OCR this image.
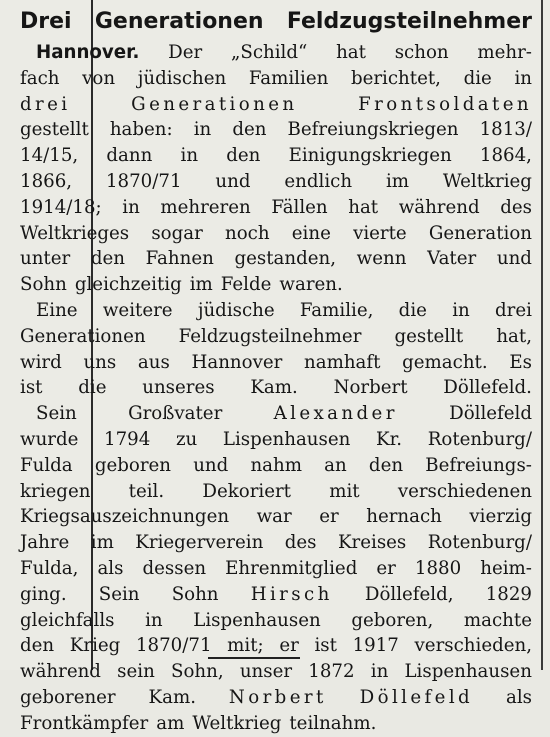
Drei Generationen Feldzugsteilnehmer
Hannover. Der „Schild“ hat schon mehr-
fach von jüdischen Familien berichtet, die in
drei	Generationen	Frontsoldaten
gestellt haben: in den Befreiungskriegen 1813/
14/15, dann in den Einigungskriegen 1864,
1866, 1870/71 und endlich im Weltkrieg
1914/18; in mehreren Fällen hat während des
Weltkrieges sogar noch eine vierte Generation
unter den Fahnen gestanden, wenn Vater und
Sohn gleichzeitig im Felde waren.
Eine weitere jüdische Familie, die in drei
Generationen Feldzugsteilnehmer gestellt hat,
wird uns aus Hannover namhaft gemacht. Es
ist die unseres Kam. Norbert Döllefeld.
Sein	Großvater	Alexander	Döllefeld
wurde 1794 zu Lispenhausen Kr. Rotenburg/
Fulda geboren und nahm an den Befreiungs-
kriegen teil. Dekoriert mit verschiedenen
Kriegsauszeichnungen war er hernach vierzig
Jahre im Kriegerverein des Kreises Rotenburg/
Fulda, als dessen Ehrenmitglied er 1880 heim-
ging. Sein Sohn Hirsch Döllefeld, 1829
gleichfalls in Lispenhausen geboren, machte
den Krieg 1870/71 mit; er ist 1917 verschieden,
während sein Sohn, unser 1872 in Lispenhausen
geborener Kam. Norbert Döllefeld als
Frontkämpfer am Weltkrieg teilnahm.
